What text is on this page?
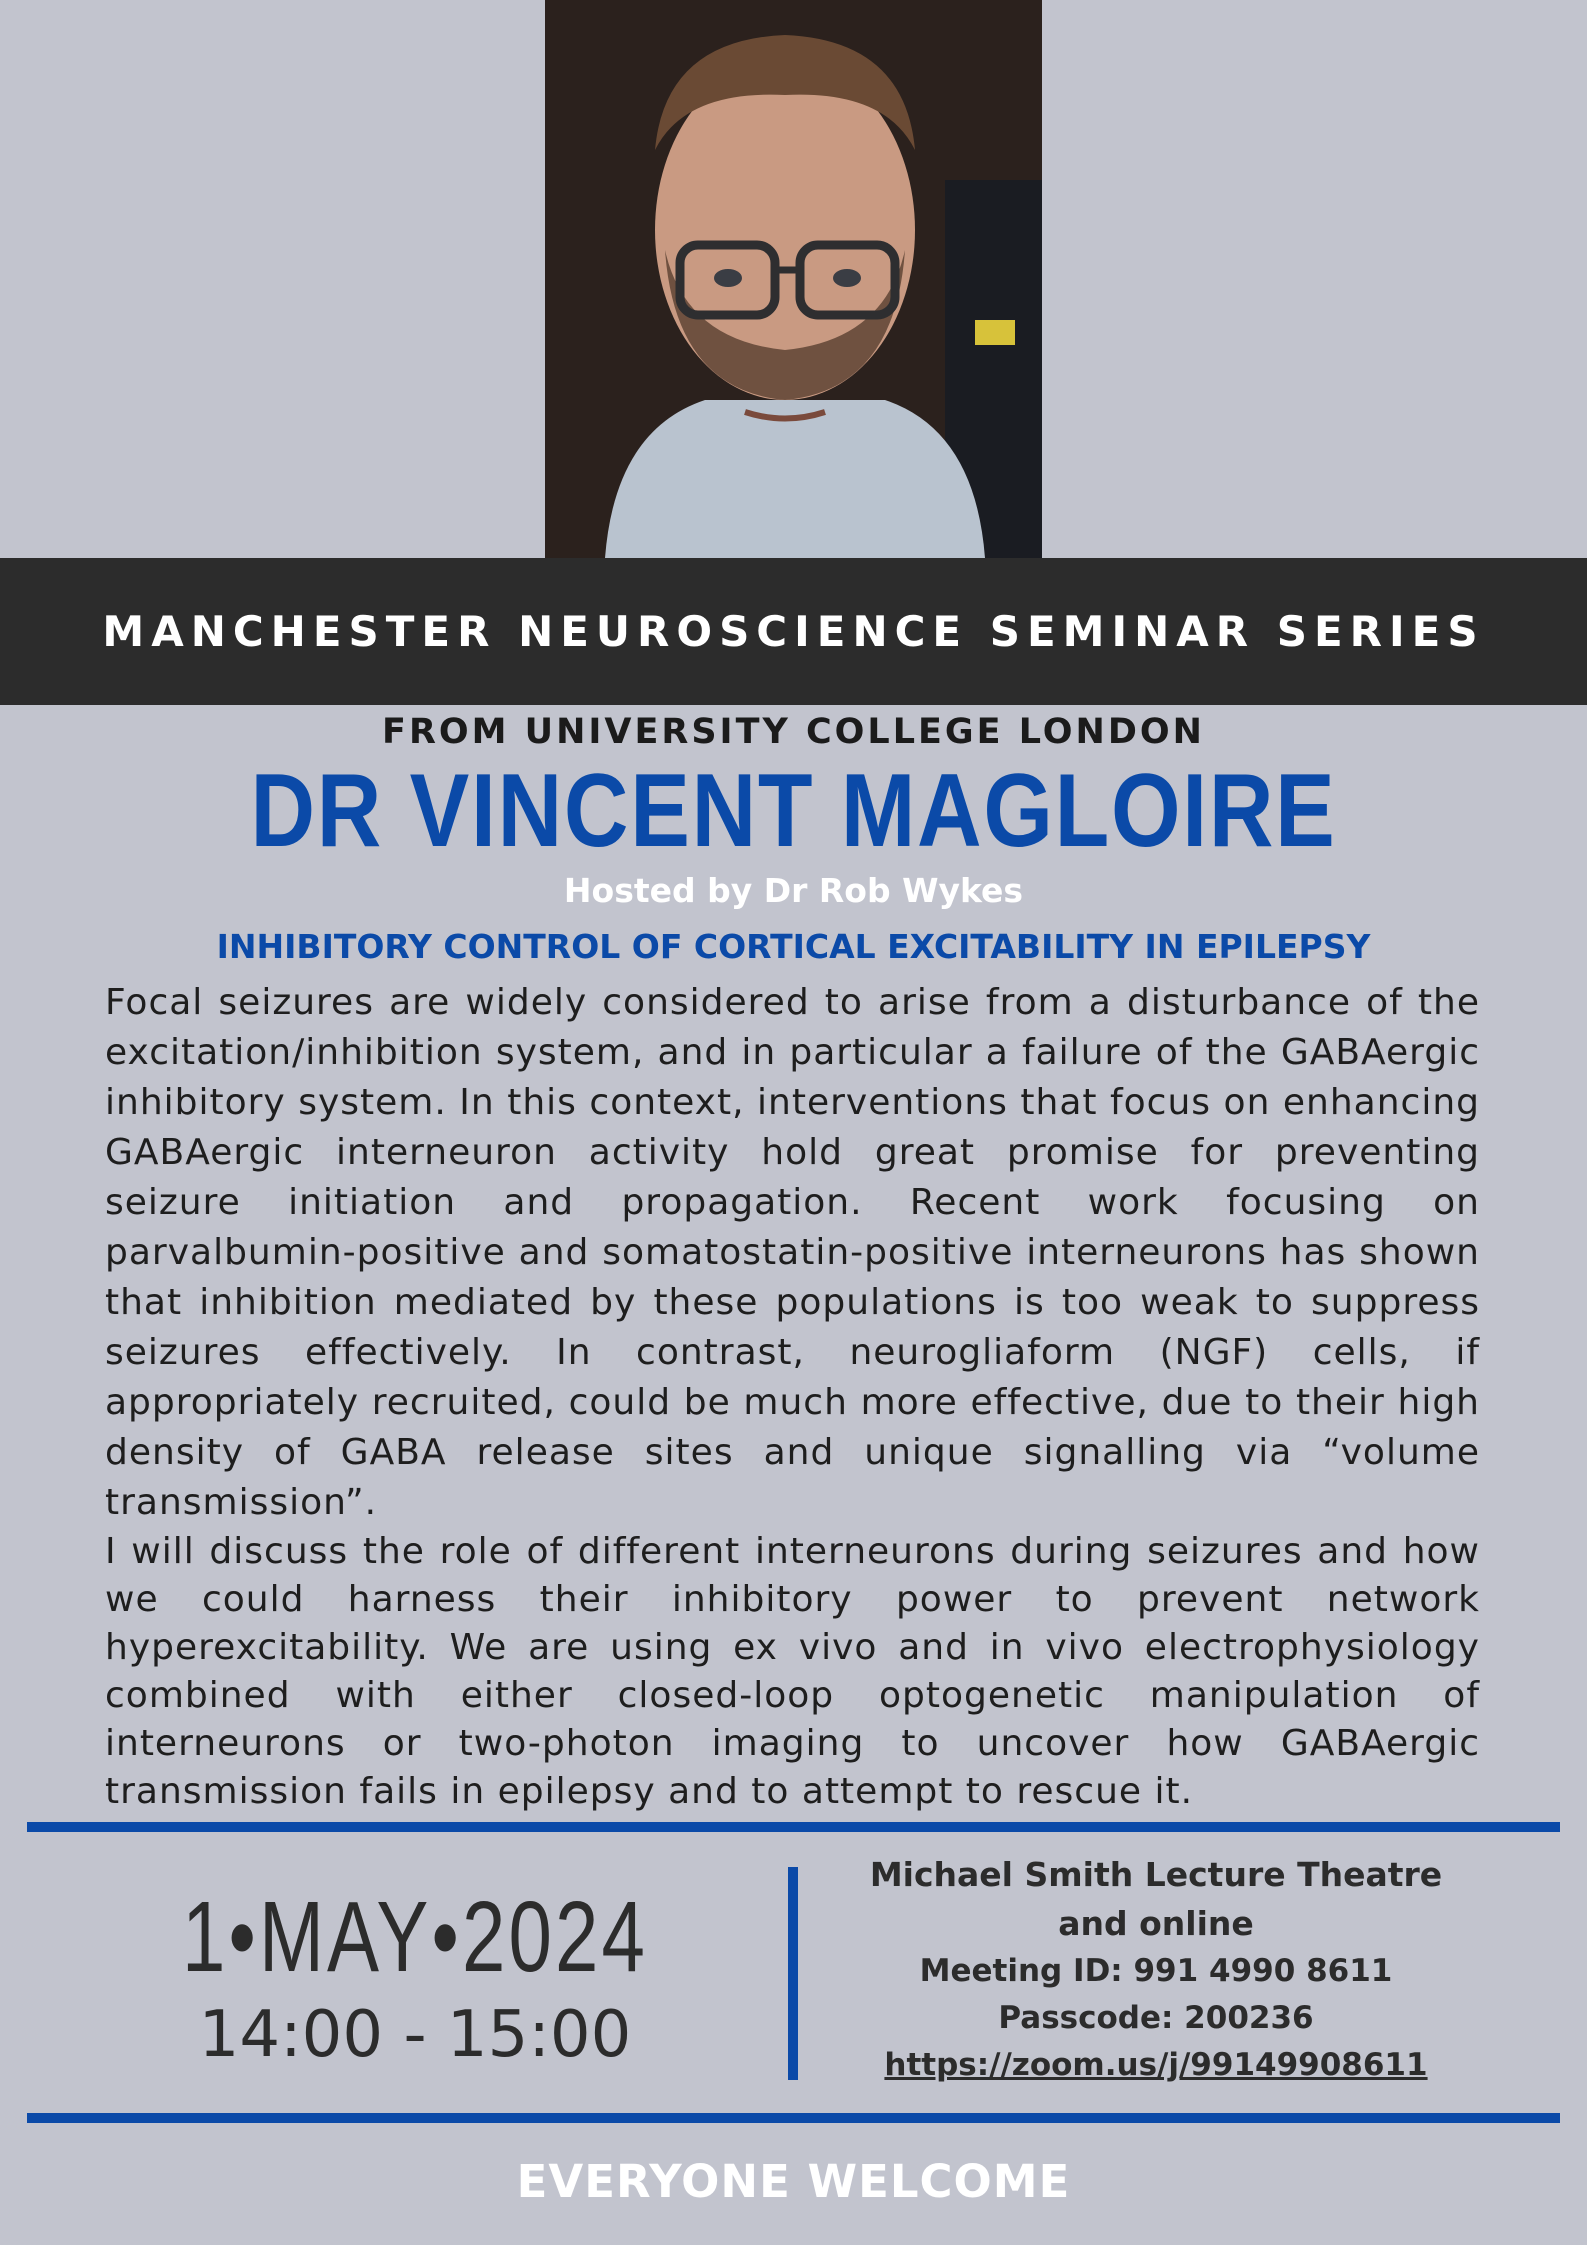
MANCHESTER NEUROSCIENCE SEMINAR SERIES
FROM UNIVERSITY COLLEGE LONDON
DR VINCENT MAGLOIRE
Hosted by Dr Rob Wykes
INHIBITORY CONTROL OF CORTICAL EXCITABILITY IN EPILEPSY

Focal seizures are widely considered to arise from a disturbance of the excitation/inhibition system, and in particular a failure of the GABAergic inhibitory system. In this context, interventions that focus on enhancing GABAergic interneuron activity hold great promise for preventing seizure initiation and propagation. Recent work focusing on parvalbumin-positive and somatostatin-positive interneurons has shown that inhibition mediated by these populations is too weak to suppress seizures effectively. In contrast, neurogliaform (NGF) cells, if appropriately recruited, could be much more effective, due to their high density of GABA release sites and unique signalling via “volume transmission”.

I will discuss the role of different interneurons during seizures and how we could harness their inhibitory power to prevent network hyperexcitability. We are using ex vivo and in vivo electrophysiology combined with either closed-loop optogenetic manipulation of interneurons or two-photon imaging to uncover how GABAergic transmission fails in epilepsy and to attempt to rescue it.

1•MAY•2024
14:00 - 15:00
Michael Smith Lecture Theatre
and online
Meeting ID: 991 4990 8611
Passcode: 200236
https://zoom.us/j/99149908611
EVERYONE WELCOME
